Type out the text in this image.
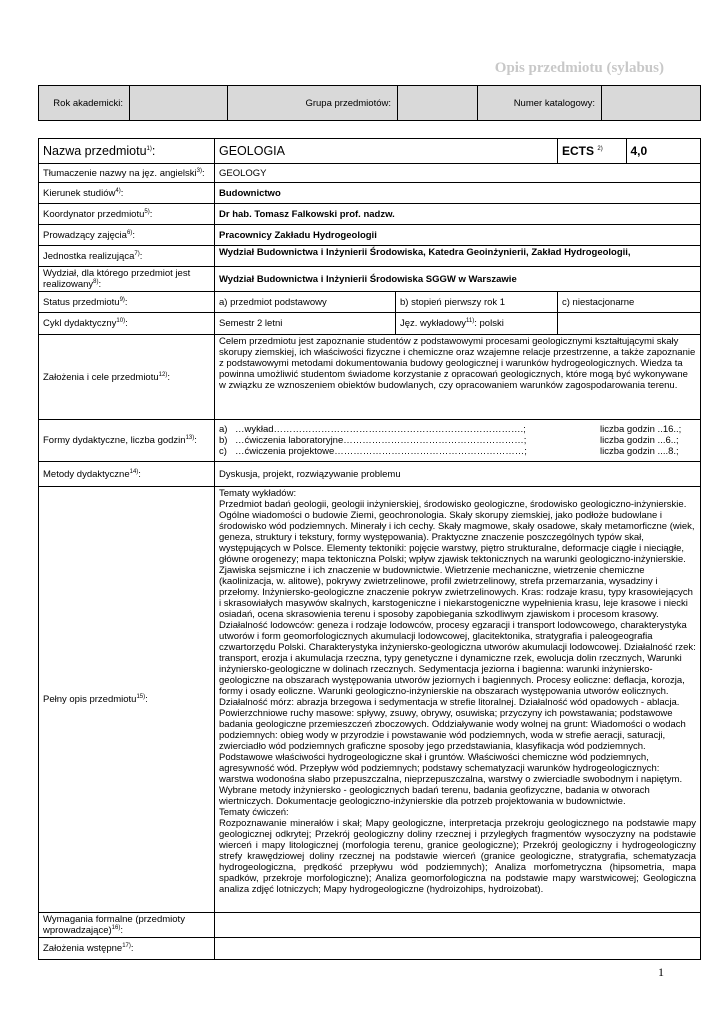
Opis przedmiotu (sylabus)
Rok akademicki:		Grupa przedmiotów:		Numer katalogowy:	
Nazwa przedmiotu$^{1)}$:	GEOLOGIA		ECTS $^{2)}$	4,0	

Tłumaczenie nazwy na jęz. angielski$^{3)}$:	GEOLOGY
Kierunek studiów$^{4)}$:	Budownictwo
Koordynator przedmiotu$^{5)}$:	Dr hab. Tomasz Falkowski prof. nadzw.
Prowadzący zajęcia$^{6)}$:	Pracownicy Zakładu Hydrogeologii
Jednostka realizująca$^{7)}$:	Wydział Budownictwa i Inżynierii Środowiska, Katedra Geoinżynierii, Zakład Hydrogeologii,
Wydział, dla którego przedmiot jest realizowany$^{8)}$:	Wydział Budownictwa i Inżynierii Środowiska SGGW w Warszawie
Status przedmiotu$^{9)}$:	a) przedmiot podstawowy	b) stopień pierwszy rok 1	c) niestacjonarne
Cykl dydaktyczny$^{10)}$:	Semestr 2 letni	Jęz. wykładowy$^{11)}$: polski	
Założenia i cele przedmiotu$^{12)}$:	Celem przedmiotu jest zapoznanie studentów z podstawowymi procesami geologicznymi kształtującymi skały skorupy ziemskiej, ich właściwości fizyczne i chemiczne oraz wzajemne relacje przestrzenne, a także zapoznanie z podstawowymi metodami dokumentowania budowy geologicznej i warunków hydrogeologicznych. Wiedza ta powinna umożliwić studentom świadome korzystanie z opracowań geologicznych, które mogą być wykonywane w związku ze wznoszeniem obiektów budowlanych, czy opracowaniem warunków zagospodarowania terenu.
Formy dydaktyczne, liczba godzin$^{13)}$:	
a) …wykład…………………………………………………………………….;	liczba godzin ..16..;
b) …ćwiczenia laboratoryjne…………………………………………………;	liczba godzin ...6..;
c) …ćwiczenia projektowe……………………………………………………;	liczba godzin ....8.;

Metody dydaktyczne$^{14)}$:	Dyskusja, projekt, rozwiązywanie problemu
Pełny opis przedmiotu$^{15)}$:	
Tematy wykładów:
Przedmiot badań geologii, geologii inżynierskiej, środowisko geologiczne, środowisko geologiczno-inżynierskie. Ogólne wiadomości o budowie Ziemi, geochronologia. Skały skorupy ziemskiej, jako podłoże budowlane i środowisko wód podziemnych. Minerały i ich cechy. Skały magmowe, skały osadowe, skały metamorficzne (wiek, geneza, struktury i tekstury, formy występowania). Praktyczne znaczenie poszczególnych typów skał, występujących w Polsce. Elementy tektoniki: pojęcie warstwy, piętro strukturalne, deformacje ciągłe i nieciągłe, główne orogenezy; mapa tektoniczna Polski; wpływ zjawisk tektonicznych na warunki geologiczno-inżynierskie. Zjawiska sejsmiczne i ich znaczenie w budownictwie. Wietrzenie mechaniczne, wietrzenie chemiczne (kaolinizacja, w. alitowe), pokrywy zwietrzelinowe, profil zwietrzelinowy, strefa przemarzania, wysadziny i przełomy. Inżyniersko-geologiczne znaczenie pokryw zwietrzelinowych. Kras: rodzaje krasu, typy krasowiejących i skrasowiałych masywów skalnych, karstogeniczne i niekarstogeniczne wypełnienia krasu, leje krasowe i niecki osiadań, ocena skrasowienia terenu i sposoby zapobiegania szkodliwym zjawiskom i procesom krasowy. Działalność lodowców: geneza i rodzaje lodowców, procesy egzaracji i transport lodowcowego, charakterystyka utworów i form geomorfologicznych akumulacji lodowcowej, glacitektonika, stratygrafia i paleogeografia czwartorzędu Polski. Charakterystyka inżyniersko-geologiczna utworów akumulacji lodowcowej. Działalność rzek: transport, erozja i akumulacja rzeczna, typy genetyczne i dynamiczne rzek, ewolucja dolin rzecznych, Warunki inżyniersko-geologiczne w dolinach rzecznych. Sedymentacja jeziorna i bagienna: warunki inżyniersko-geologiczne na obszarach występowania utworów jeziornych i bagiennych. Procesy eoliczne: deflacja, korozja, formy i osady eoliczne. Warunki geologiczno-inżynierskie na obszarach występowania utworów eolicznych. Działalność mórz: abrazja brzegowa i sedymentacja w strefie litoralnej. Działalność wód opadowych - ablacja. Powierzchniowe ruchy masowe: spływy, zsuwy, obrywy, osuwiska; przyczyny ich powstawania; podstawowe badania geologiczne przemieszczeń zboczowych. Oddziaływanie wody wolnej na grunt: Wiadomości o wodach podziemnych: obieg wody w przyrodzie i powstawanie wód podziemnych, woda w strefie aeracji, saturacji, zwierciadło wód podziemnych graficzne sposoby jego przedstawiania, klasyfikacja wód podziemnych. Podstawowe właściwości hydrogeologiczne skał i gruntów. Właściwości chemiczne wód podziemnych, agresywność wód. Przepływ wód podziemnych; podstawy schematyzacji warunków hydrogeologicznych: warstwa wodonośna słabo przepuszczalna, nieprzepuszczalna, warstwy o zwierciadle swobodnym i napiętym. Wybrane metody inżyniersko - geologicznych badań terenu, badania geofizyczne, badania w otworach wiertniczych. Dokumentacje geologiczno-inżynierskie dla potrzeb projektowania w budownictwie.
Tematy ćwiczeń:
Rozpoznawanie minerałów i skał; Mapy geologiczne, interpretacja przekroju geologicznego na podstawie mapy geologicznej odkrytej; Przekrój geologiczny doliny rzecznej i przyległych fragmentów wysoczyzny na podstawie wierceń i mapy litologicznej (morfologia terenu, granice geologiczne); Przekrój geologiczny i hydrogeologiczny strefy krawędziowej doliny rzecznej na podstawie wierceń (granice geologiczne, stratygrafia, schematyzacja hydrogeologiczna, prędkość przepływu wód podziemnych); Analiza morfometryczna (hipsometria, mapa spadków, przekroje morfologiczne); Analiza geomorfologiczna na podstawie mapy warstwicowej; Geologiczna analiza zdjęć lotniczych; Mapy hydrogeologiczne (hydroizohips, hydroizobat).

Wymagania formalne (przedmioty wprowadzające)$^{16)}$:	
Założenia wstępne$^{17)}$:	
1
